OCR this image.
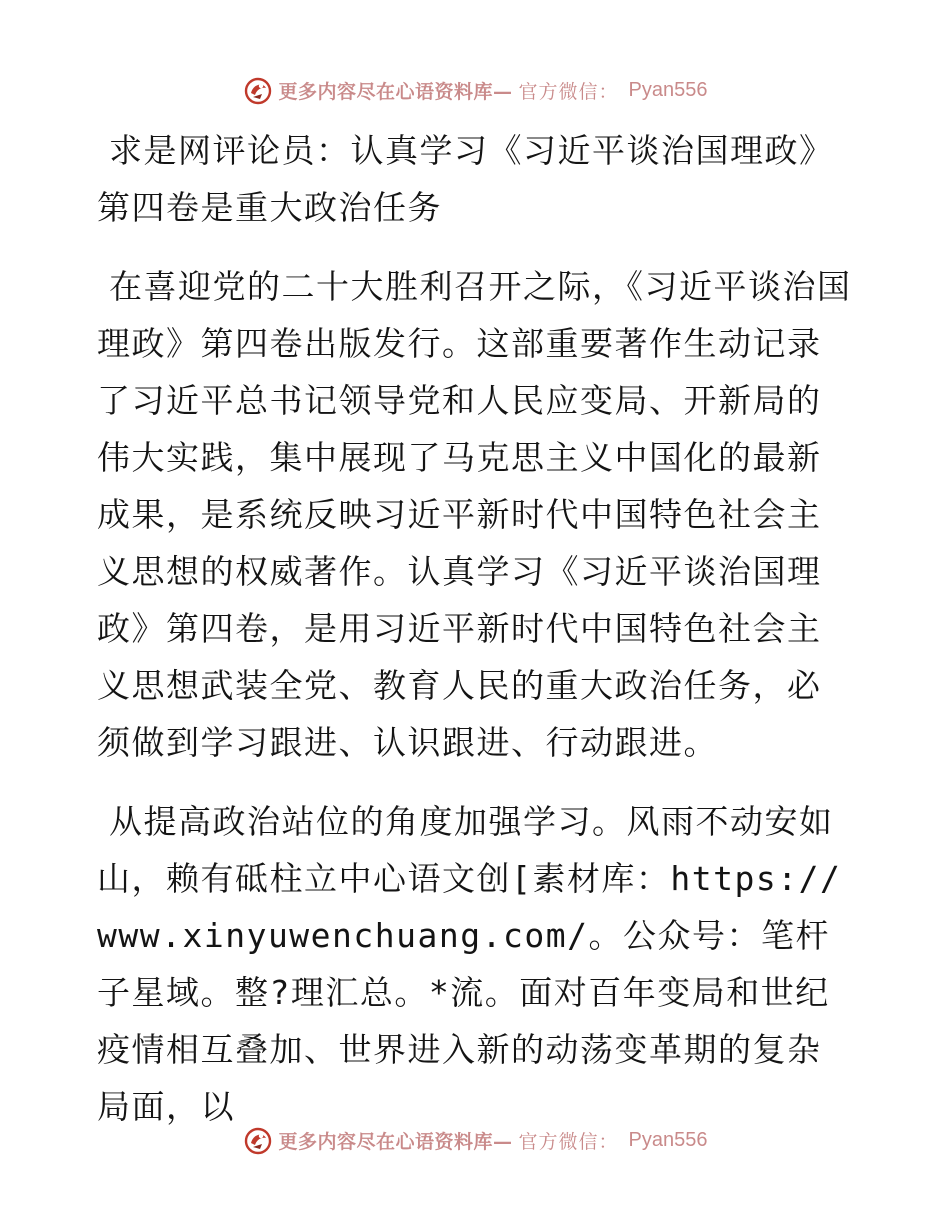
更多内容尽在心语资料库— 官方微信： Pyan556
求是网评论员：认真学习《习近平谈治国理政》第四卷是重大政治任务

在喜迎党的二十大胜利召开之际，《习近平谈治国理政》第四卷出版发行。这部重要著作生动记录了习近平总书记领导党和人民应变局、开新局的伟大实践，集中展现了马克思主义中国化的最新成果，是系统反映习近平新时代中国特色社会主义思想的权威著作。认真学习《习近平谈治国理政》第四卷，是用习近平新时代中国特色社会主义思想武装全党、教育人民的重大政治任务，必须做到学习跟进、认识跟进、行动跟进。

从提高政治站位的角度加强学习。风雨不动安如山，赖有砥柱立中心语文创[素材库：https://www.xinyuwenchuang.com/。公众号：笔杆子星域。整?理汇总。*流。面对百年变局和世纪疫情相互叠加、世界进入新的动荡变革期的复杂局面，以

更多内容尽在心语资料库— 官方微信： Pyan556
